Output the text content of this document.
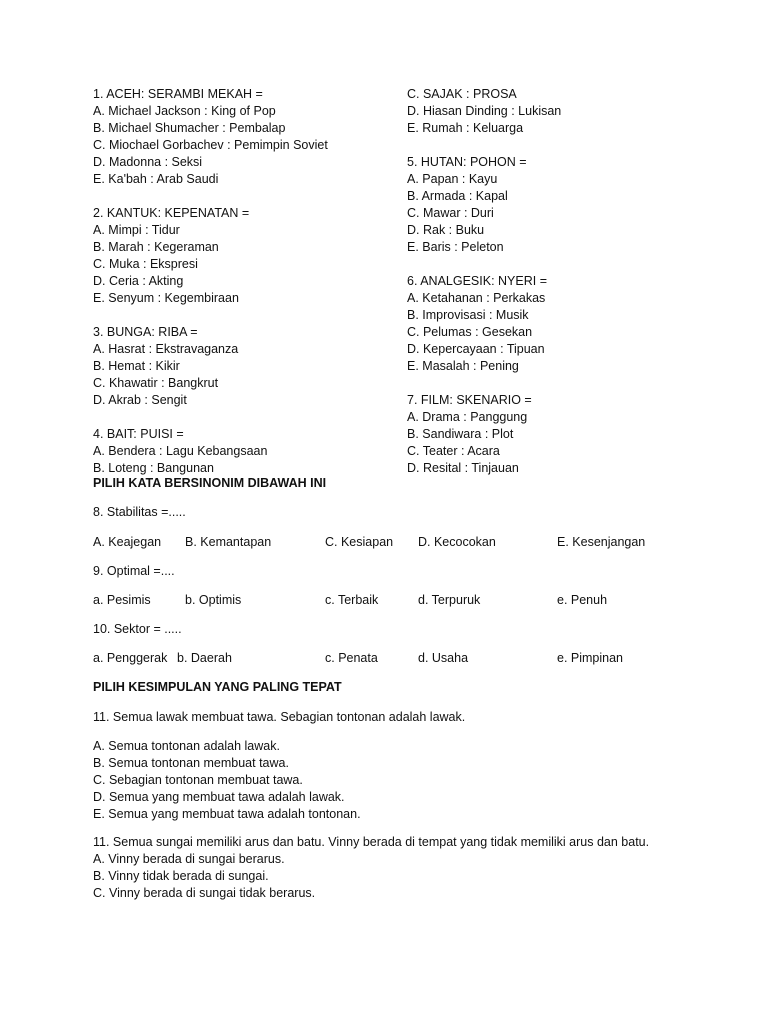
1. ACEH: SERAMBI MEKAH =
A. Michael Jackson : King of Pop
B. Michael Shumacher : Pembalap
C. Miochael Gorbachev : Pemimpin Soviet
D. Madonna : Seksi
E. Ka'bah : Arab Saudi
2. KANTUK: KEPENATAN =
A. Mimpi : Tidur
B. Marah : Kegeraman
C. Muka : Ekspresi
D. Ceria : Akting
E. Senyum : Kegembiraan
3. BUNGA: RIBA =
A. Hasrat : Ekstravaganza
B. Hemat : Kikir
C. Khawatir : Bangkrut
D. Akrab : Sengit
4. BAIT: PUISI =
A. Bendera : Lagu Kebangsaan
B. Loteng : Bangunan
C. SAJAK : PROSA
D. Hiasan Dinding : Lukisan
E. Rumah : Keluarga
5. HUTAN: POHON =
A. Papan : Kayu
B. Armada : Kapal
C. Mawar : Duri
D. Rak : Buku
E. Baris : Peleton
6. ANALGESIK: NYERI =
A. Ketahanan : Perkakas
B. Improvisasi : Musik
C. Pelumas : Gesekan
D. Kepercayaan : Tipuan
E. Masalah : Pening
7. FILM: SKENARIO =
A. Drama : Panggung
B. Sandiwara : Plot
C. Teater : Acara
D. Resital : Tinjauan
PILIH KATA BERSINONIM DIBAWAH INI
8. Stabilitas =.....
A. Keajegan B. Kemantapan	C. Kesiapan D. Kecocokan	E. Kesenjangan
9. Optimal =....
a. Pesimis	b. Optimis	c. Terbaik	d. Terpuruk	e. Penuh
10. Sektor = .....
a. Penggerak b. Daerah	c. Penata	d. Usaha	e. Pimpinan
PILIH KESIMPULAN YANG PALING TEPAT
11. Semua lawak membuat tawa. Sebagian tontonan adalah lawak.
A. Semua tontonan adalah lawak.
B. Semua tontonan membuat tawa.
C. Sebagian tontonan membuat tawa.
D. Semua yang membuat tawa adalah lawak.
E. Semua yang membuat tawa adalah tontonan.
11. Semua sungai memiliki arus dan batu. Vinny berada di tempat yang tidak memiliki arus dan batu.
A. Vinny berada di sungai berarus.
B. Vinny tidak berada di sungai.
C. Vinny berada di sungai tidak berarus.
